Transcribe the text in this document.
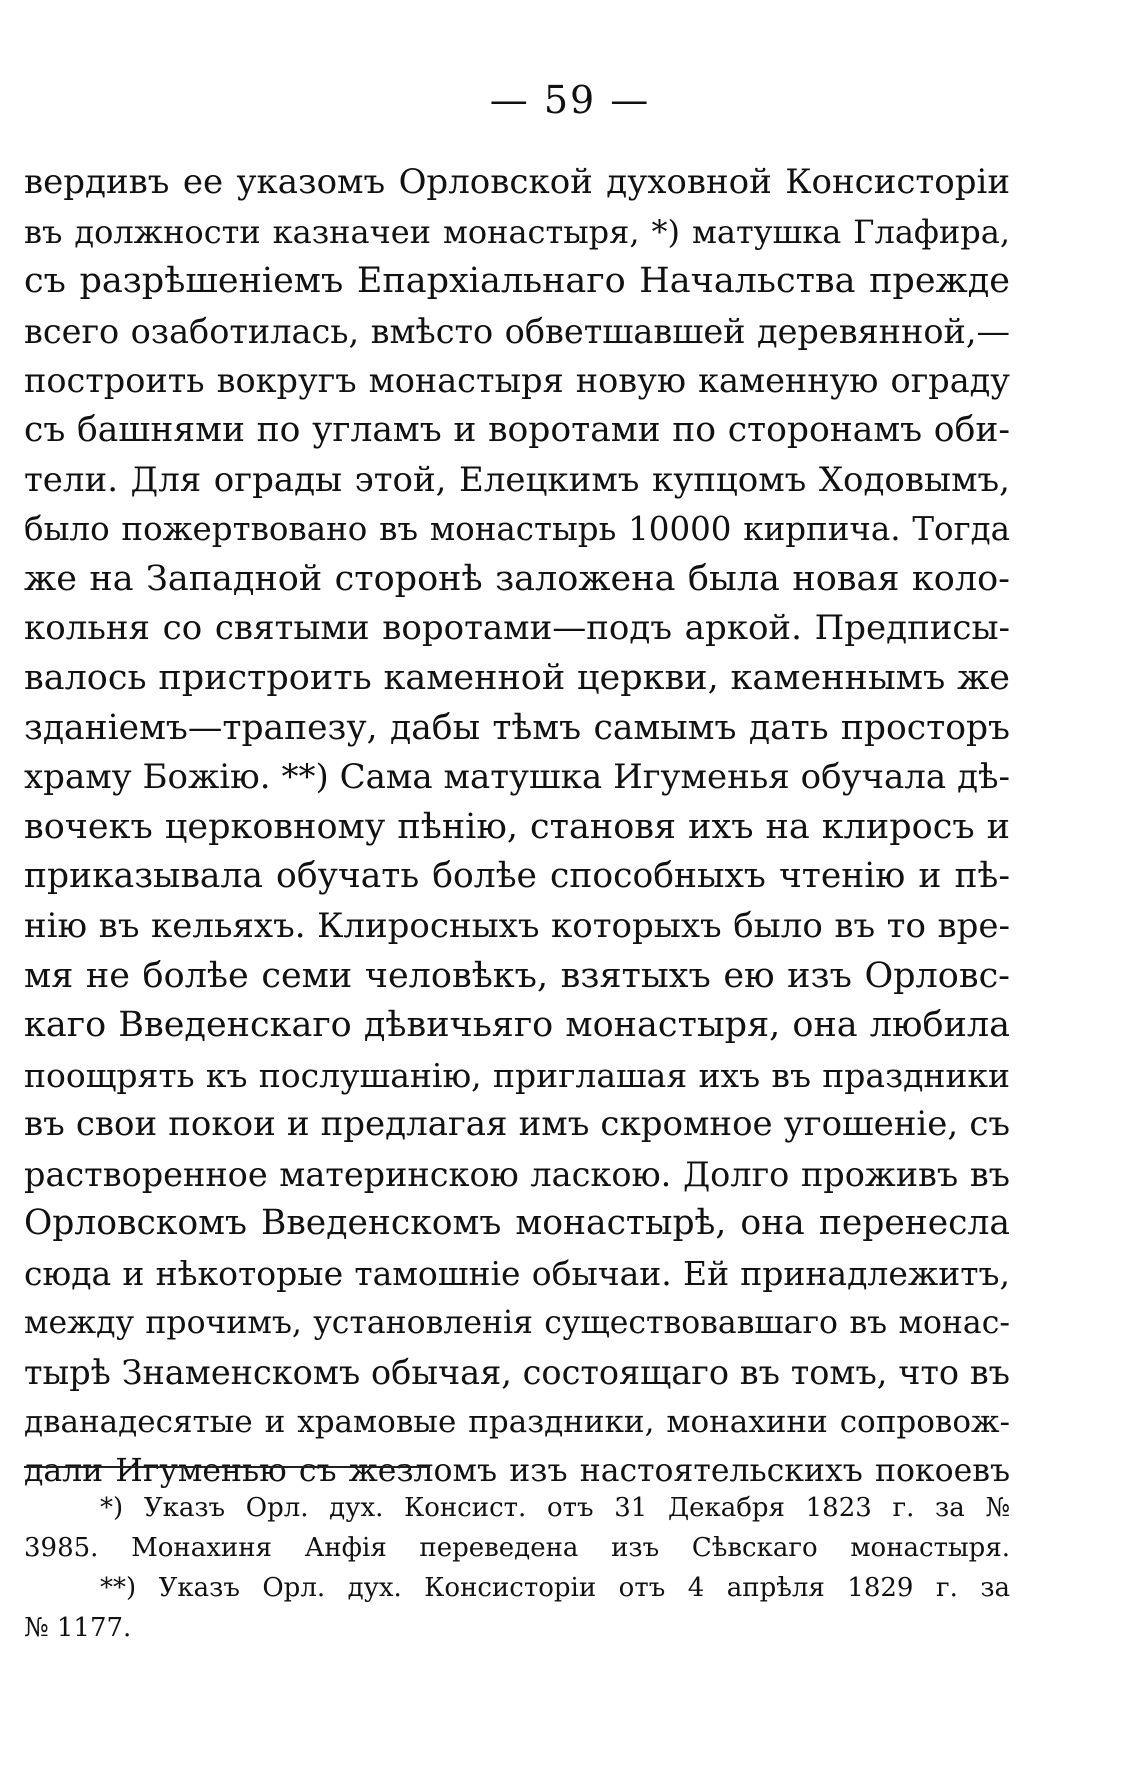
— 59 —
вердивъ ее указомъ Орловской духовной Консисторіи
въ должности казначеи монастыря, *) матушка Глафира,
съ разрѣшеніемъ Епархіальнаго Начальства прежде
всего озаботилась, вмѣсто обветшавшей деревянной,—
построить вокругъ монастыря новую каменную ограду
съ башнями по угламъ и воротами по сторонамъ оби-
тели. Для ограды этой, Елецкимъ купцомъ Ходовымъ,
было пожертвовано въ монастырь 10000 кирпича. Тогда
же на Западной сторонѣ заложена была новая коло-
кольня со святыми воротами—подъ аркой. Предписы-
валось пристроить каменной церкви, каменнымъ же
зданіемъ—трапезу, дабы тѣмъ самымъ дать просторъ
храму Божію. **) Сама матушка Игуменья обучала дѣ-
вочекъ церковному пѣнію, становя ихъ на клиросъ и
приказывала обучать болѣе способныхъ чтенію и пѣ-
нію въ кельяхъ. Клиросныхъ которыхъ было въ то вре-
мя не болѣе семи человѣкъ, взятыхъ ею изъ Орловс-
каго Введенскаго дѣвичьяго монастыря, она любила
поощрять къ послушанію, приглашая ихъ въ праздники
въ свои покои и предлагая имъ скромное угошеніе, съ
растворенное материнскою ласкою. Долго проживъ въ
Орловскомъ Введенскомъ монастырѣ, она перенесла
сюда и нѣкоторые тамошніе обычаи. Ей принадлежитъ,
между прочимъ, установленія существовавшаго въ монас-
тырѣ Знаменскомъ обычая, состоящаго въ томъ, что въ
дванадесятые и храмовые праздники, монахини сопровож-
дали Игуменью съ жезломъ изъ настоятельскихъ покоевъ
*) Указъ Орл. дух. Консист. отъ 31 Декабря 1823 г. за №
3985. Монахиня Анфія переведена изъ Сѣвскаго монастыря.
**) Указъ Орл. дух. Консисторіи отъ 4 апрѣля 1829 г. за
№ 1177.
